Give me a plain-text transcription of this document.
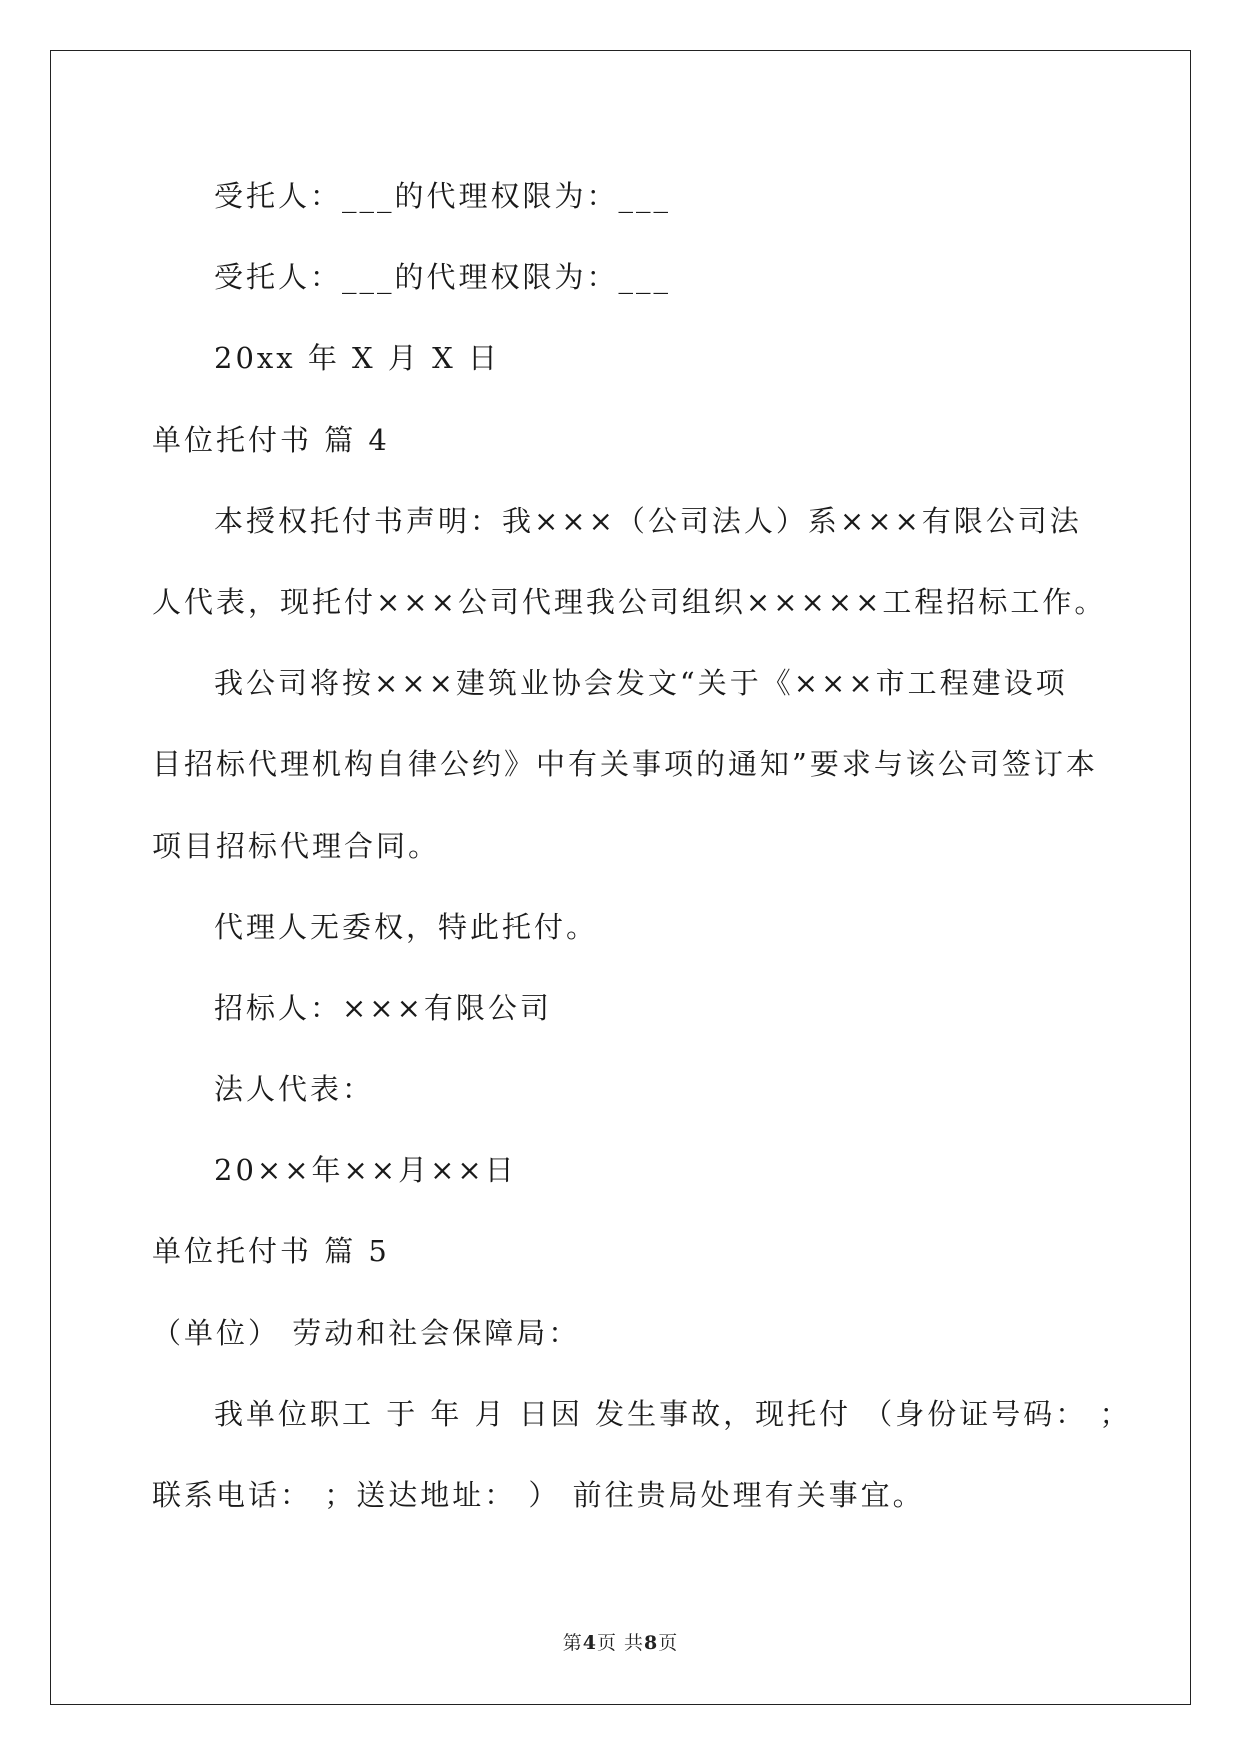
受托人：___的代理权限为：___
受托人：___的代理权限为：___
20xx 年 X 月 X 日
单位托付书 篇 4
本授权托付书声明：我×××（公司法人）系×××有限公司法
人代表，现托付×××公司代理我公司组织×××××工程招标工作。
我公司将按×××建筑业协会发文“关于《×××市工程建设项
目招标代理机构自律公约》中有关事项的通知”要求与该公司签订本
项目招标代理合同。
代理人无委权，特此托付。
招标人：×××有限公司
法人代表：
20××年××月××日
单位托付书 篇 5
（单位） 劳动和社会保障局：
我单位职工 于 年 月 日因 发生事故，现托付 （身份证号码： ；
联系电话： ；送达地址： ） 前往贵局处理有关事宜。
第4页 共8页
